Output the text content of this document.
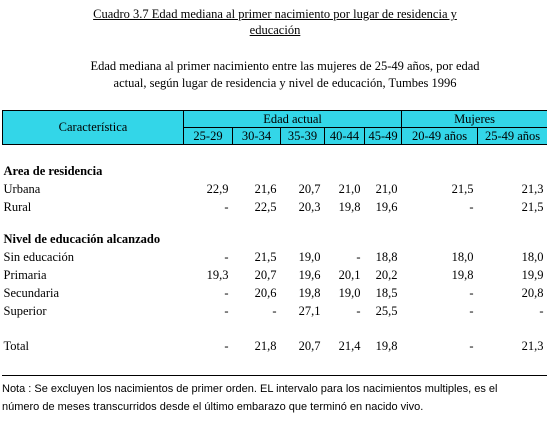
Cuadro 3.7 Edad mediana al primer nacimiento por lugar de residencia y
educación
Edad mediana al primer nacimiento entre las mujeres de 25-49 años, por edad
actual, según lugar de residencia y nivel de educación, Tumbes 1996
Característica	Edad actual					Mujeres	
	25-29	30-34	35-39	40-44	45-49	20-49 años	25-49 años

Area de residencia							
Urbana	22,9	21,6	20,7	21,0	21,0	21,5	21,3
Rural	-	22,5	20,3	19,8	19,6	-	21,5

Nivel de educación alcanzado							
Sin educación	-	21,5	19,0	-	18,8	18,0	18,0
Primaria	19,3	20,7	19,6	20,1	20,2	19,8	19,9
Secundaria	-	20,6	19,8	19,0	18,5	-	20,8
Superior	-	-	27,1	-	25,5	-	-

Total	-	21,8	20,7	21,4	19,8	-	21,3
Nota : Se excluyen los nacimientos de primer orden. EL intervalo para los nacimientos multiples, es el
número de meses transcurridos desde el último embarazo que terminó en nacido vivo.
